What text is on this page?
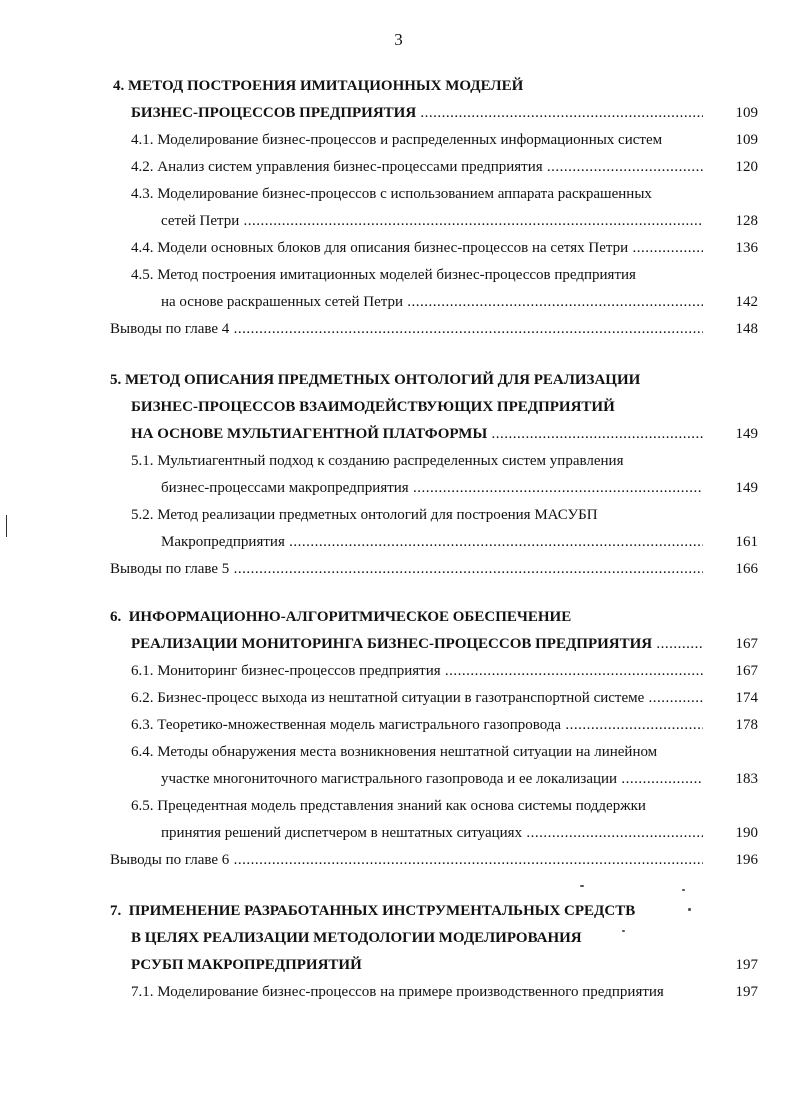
3
4. МЕТОД ПОСТРОЕНИЯ ИМИТАЦИОННЫХ МОДЕЛЕЙ
БИЗНЕС-ПРОЦЕССОВ ПРЕДПРИЯТИЯ .....	109
4.1. Моделирование бизнес-процессов и распределенных информационных систем	109
4.2. Анализ систем управления бизнес-процессами предприятия .....	120
4.3. Моделирование бизнес-процессов с использованием аппарата раскрашенных
сетей Петри .....	128
4.4. Модели основных блоков для описания бизнес-процессов на сетях Петри .....	136
4.5. Метод построения имитационных моделей бизнес-процессов предприятия
на основе раскрашенных сетей Петри .....	142
Выводы по главе 4 .....	148
5. МЕТОД ОПИСАНИЯ ПРЕДМЕТНЫХ ОНТОЛОГИЙ ДЛЯ РЕАЛИЗАЦИИ
БИЗНЕС-ПРОЦЕССОВ ВЗАИМОДЕЙСТВУЮЩИХ ПРЕДПРИЯТИЙ
НА ОСНОВЕ МУЛЬТИАГЕНТНОЙ ПЛАТФОРМЫ .....	149
5.1. Мультиагентный подход к созданию распределенных систем управления
бизнес-процессами макропредприятия .....	149
5.2. Метод реализации предметных онтологий для построения МАСУБП
Макропредприятия .....	161
Выводы по главе 5 .....	166
6.  ИНФОРМАЦИОННО-АЛГОРИТМИЧЕСКОЕ ОБЕСПЕЧЕНИЕ
РЕАЛИЗАЦИИ МОНИТОРИНГА БИЗНЕС-ПРОЦЕССОВ ПРЕДПРИЯТИЯ .....	167
6.1. Мониторинг бизнес-процессов предприятия .....	167
6.2. Бизнес-процесс выхода из нештатной ситуации в газотранспортной системе .....	174
6.3. Теоретико-множественная модель магистрального газопровода .....	178
6.4. Методы обнаружения места возникновения нештатной ситуации на линейном
участке многониточного магистрального газопровода и ее локализации .....	183
6.5. Прецедентная модель представления знаний как основа системы поддержки
принятия решений диспетчером в нештатных ситуациях .....	190
Выводы по главе 6 .....	196
7.  ПРИМЕНЕНИЕ РАЗРАБОТАННЫХ ИНСТРУМЕНТАЛЬНЫХ СРЕДСТВ
В ЦЕЛЯХ РЕАЛИЗАЦИИ МЕТОДОЛОГИИ МОДЕЛИРОВАНИЯ
РСУБП МАКРОПРЕДПРИЯТИЙ	197
7.1. Моделирование бизнес-процессов на примере производственного предприятия	197
